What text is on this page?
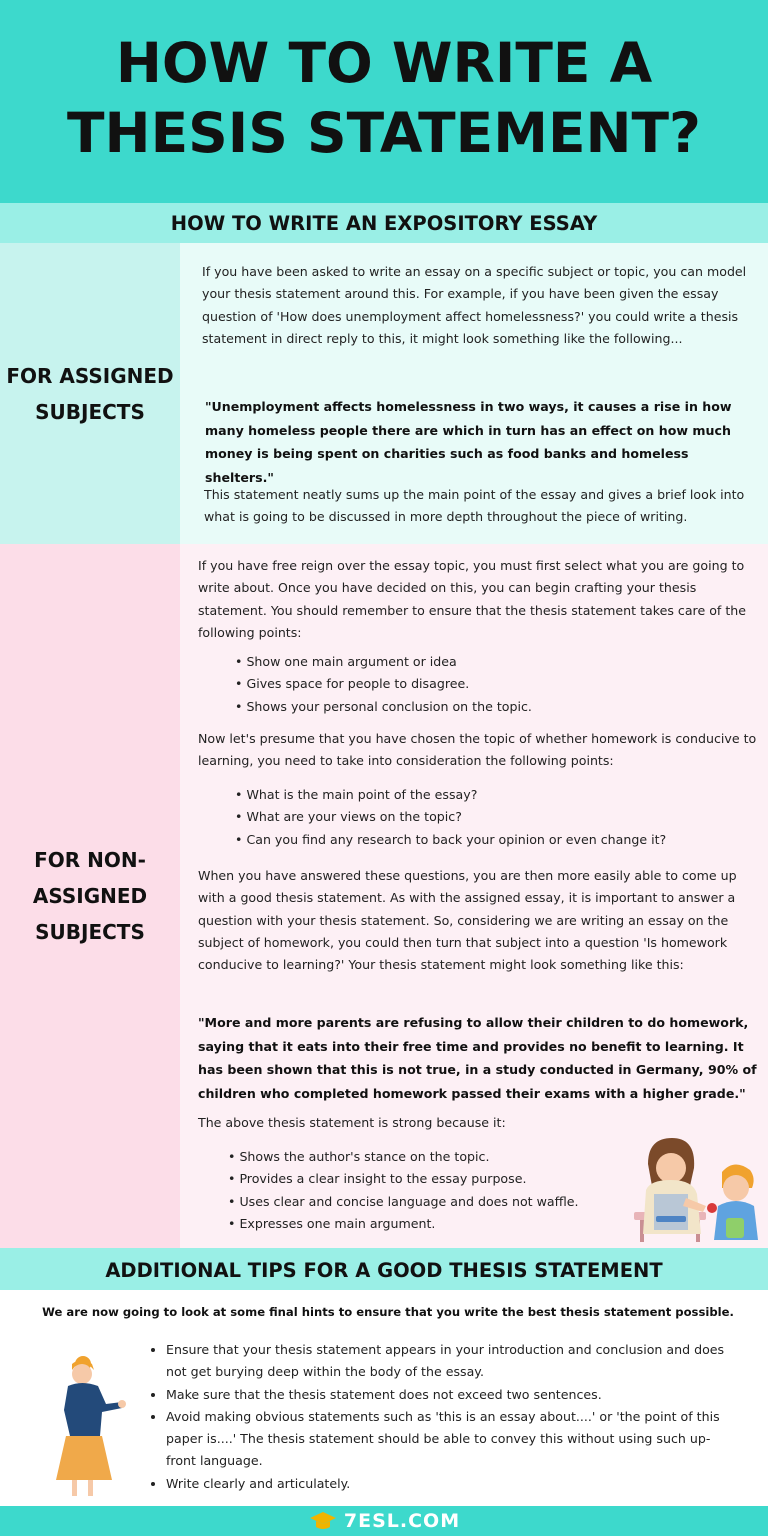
HOW TO WRITE A
THESIS STATEMENT?
HOW TO WRITE AN EXPOSITORY ESSAY
FOR ASSIGNED
SUBJECTS

If you have been asked to write an essay on a specific subject or topic, you can model your thesis statement around this. For example, if you have been given the essay question of 'How does unemployment affect homelessness?' you could write a thesis statement in direct reply to this, it might look something like the following...

"Unemployment affects homelessness in two ways, it causes a rise in how many homeless people there are which in turn has an effect on how much money is being spent on charities such as food banks and homeless shelters."

This statement neatly sums up the main point of the essay and gives a brief look into what is going to be discussed in more depth throughout the piece of writing.

FOR NON-
ASSIGNED
SUBJECTS

If you have free reign over the essay topic, you must first select what you are going to write about. Once you have decided on this, you can begin crafting your thesis statement. You should remember to ensure that the thesis statement takes care of the following points:

• Show one main argument or idea
• Gives space for people to disagree.
• Shows your personal conclusion on the topic.

Now let's presume that you have chosen the topic of whether homework is conducive to learning, you need to take into consideration the following points:

• What is the main point of the essay?
• What are your views on the topic?
• Can you find any research to back your opinion or even change it?

When you have answered these questions, you are then more easily able to come up with a good thesis statement. As with the assigned essay, it is important to answer a question with your thesis statement. So, considering we are writing an essay on the subject of homework, you could then turn that subject into a question 'Is homework conducive to learning?' Your thesis statement might look something like this:

"More and more parents are refusing to allow their children to do homework, saying that it eats into their free time and provides no benefit to learning. It has been shown that this is not true, in a study conducted in Germany, 90% of children who completed homework passed their exams with a higher grade."

The above thesis statement is strong because it:

• Shows the author's stance on the topic.
• Provides a clear insight to the essay purpose.
• Uses clear and concise language and does not waffle.
• Expresses one main argument.
ADDITIONAL TIPS FOR A GOOD THESIS STATEMENT

We are now going to look at some final hints to ensure that you write the best thesis statement possible.

• Ensure that your thesis statement appears in your introduction and conclusion and does not get burying deep within the body of the essay.
• Make sure that the thesis statement does not exceed two sentences.
• Avoid making obvious statements such as 'this is an essay about....' or 'the point of this paper is....' The thesis statement should be able to convey this without using such up-front language.
• Write clearly and articulately.
7ESL.COM
